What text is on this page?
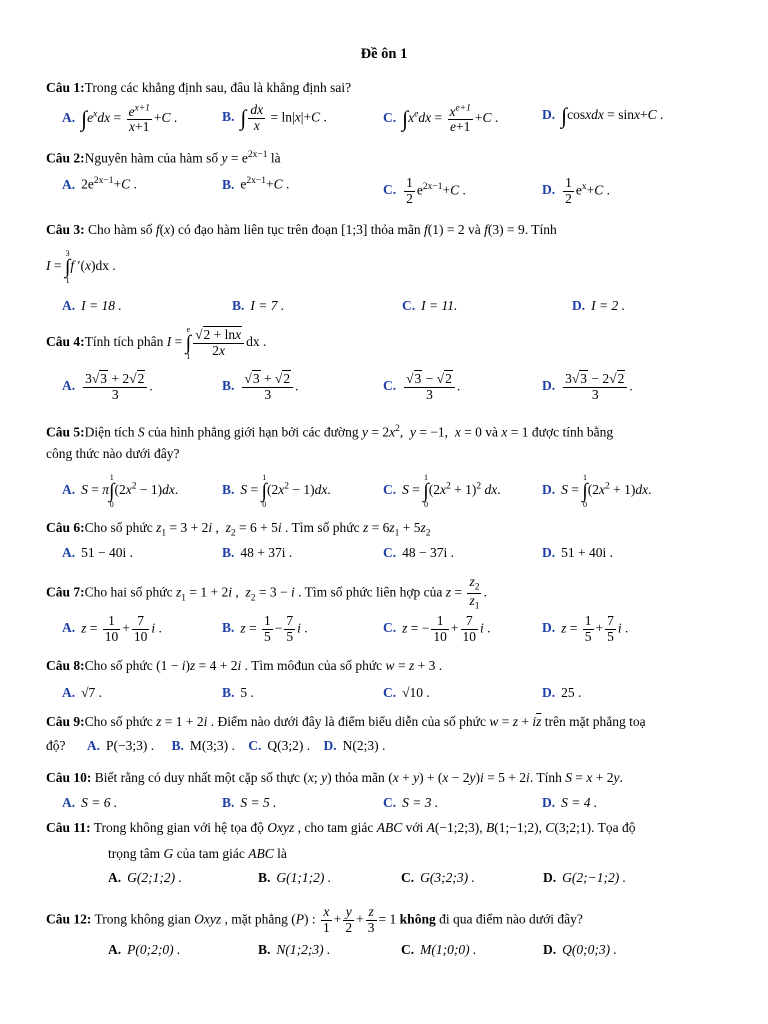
Đề ôn 1
Câu 1:Trong các khẳng định sau, đâu là khẳng định sai?
A. $\int e^xdx = \frac{e^{x+1}}{x+1} +C$ .	B. ∫ $\frac{dx}{x} = \ln|x|+C$ .	C. $\int x^edx = \frac{x^{e+1}}{e+1} +C$ .	D. ∫cosxdx = sinx+C .
Câu 2:Nguyên hàm của hàm số $y = e^{2x-1}$ là
A. $2e^{2x-1}+C$ .	B. $e^{2x-1}+C$ .	C. $\frac{1}{2} e^{2x-1}+C$ .	D. $\frac{1}{2} e^x+C$ .
Câu 3: Cho hàm số f(x) có đạo hàm liên tục trên đoạn [1;3] thỏa mãn f(1) = 2 và f(3) = 9. Tính
I =
3
∫
1
f ′(x)dx .
A. I = 18 .	B. I = 7 .	C. I = 11.	D. I = 2 .
Câu 4:Tính tích phân I =
e
∫
$1 \frac{√2 + \ln x}{2x}$ dx .
A. $\frac{3√3 + 2√2}{3}$ .	B. $\frac{√3 + √2}{3}$ .	C. $\frac{√3 - √2}{3}$ .	D. $\frac{3√3 - 2√2}{3}$ .
Câu 5:Diện tích S của hình phẳng giới hạn bởi các đường $y = 2x^2$,  y = −1,  x = 0 và x = 1 được tính bằng
công thức nào dưới đây?
A. S = π
1
∫
0
$(2x^2 - 1)dx$.	B. S =
1
∫
0
$(2x^2 - 1)dx$.	C. S =
1
∫
0
$(2x^2 + 1)^2$ dx.	D. S =
1
∫
0
$(2x^2 + 1)dx$.
Câu 6:Cho số phức $z_1 = 3 + 2i$ ,  $z_2 = 6 + 5i$ . Tìm số phức $z = 6z_1 + 5z_2$
A. 51 − 40i .	B. 48 + 37i .	C. 48 − 37i .	D. 51 + 40i .
Câu 7:Cho hai số phức $z_1 = 1 + 2i$ ,  $z_2 = 3 - i$ . Tìm số phức liên hợp của $z = \frac{z_2}{z_1}$ .
A. $z = \frac{1}{10} + \frac{7}{10}$ i .	B. $z = \frac{1}{5} - \frac{7}{5}$ i .	C. z = − $\frac{1}{10} + \frac{7}{10}$ i .	D. $z = \frac{1}{5} + \frac{7}{5}$ i .
Câu 8:Cho số phức (1 − i)z = 4 + 2i . Tìm môđun của số phức w = z + 3 .
A. √7 .	B. 5 .	C. √10 .	D. 25 .
Câu 9:Cho số phức z = 1 + 2i . Điểm nào dưới đây là điểm biểu diễn của số phức $w = z + i\overline{z}$ trên mặt phẳng toạ
độ? A. P(−3;3) . B. M(3;3) . C. Q(3;2) . D. N(2;3) .
Câu 10: Biết rằng có duy nhất một cặp số thực (x; y) thỏa mãn (x + y) + (x − 2y)i = 5 + 2i. Tính S = x + 2y.
A. S = 6 .	B. S = 5 .	C. S = 3 .	D. S = 4 .
Câu 11: Trong không gian với hệ tọa độ Oxyz , cho tam giác ABC với A(−1;2;3), B(1;−1;2), C(3;2;1). Tọa độ
trọng tâm G của tam giác ABC là
A. G(2;1;2) .	B. G(1;1;2) .	C. G(3;2;3) .	D. G(2;−1;2) .
Câu 12: Trong không gian Oxyz , mặt phẳng (P) : $\frac{x}{1} + \frac{y}{2} + \frac{z}{3} = 1$ không đi qua điểm nào dưới đây?
A. P(0;2;0) .	B. N(1;2;3) .	C. M(1;0;0) .	D. Q(0;0;3) .
